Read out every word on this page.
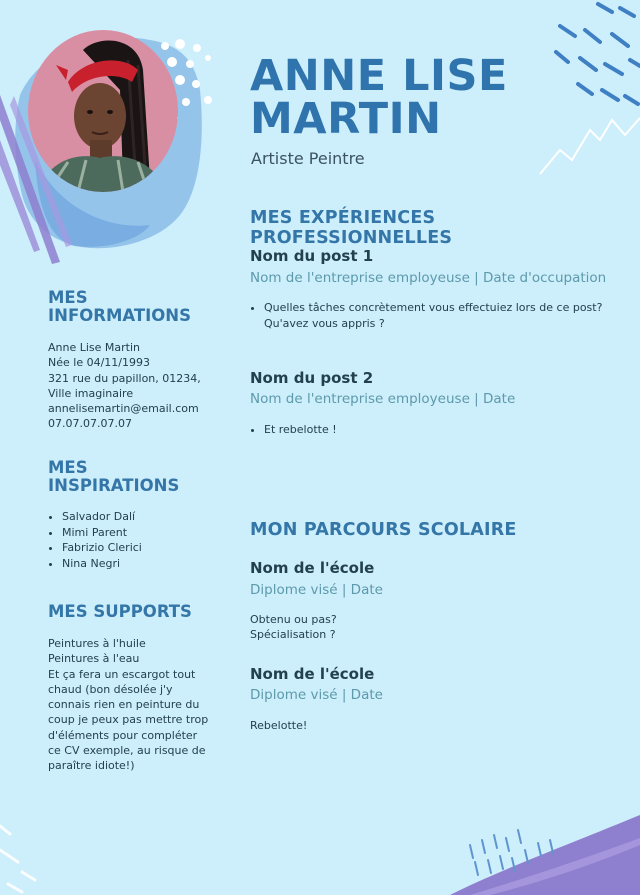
ANNE LISE
MARTIN
Artiste Peintre
MES INFORMATIONS
Anne Lise Martin
Née le 04/11/1993
321 rue du papillon, 01234,
Ville imaginaire
annelisemartin@email.com
07.07.07.07.07
MES INSPIRATIONS
• Salvador Dalí
• Mimi Parent
• Fabrizio Clerici
• Nina Negri
MES SUPPORTS
Peintures à l'huile
Peintures à l'eau
Et ça fera un escargot tout chaud (bon désolée j'y connais rien en peinture du coup je peux pas mettre trop d'éléments pour compléter ce CV exemple, au risque de paraître idiote!)
MES EXPÉRIENCES PROFESSIONNELLES
Nom du post 1
Nom de l'entreprise employeuse | Date d'occupation
• Quelles tâches concrètement vous effectuiez lors de ce post? Qu'avez vous appris ?
Nom du post 2
Nom de l'entreprise employeuse | Date
• Et rebelotte !
MON PARCOURS SCOLAIRE
Nom de l'école
Diplome visé | Date
Obtenu ou pas?
Spécialisation ?
Nom de l'école
Diplome visé | Date
Rebelotte!
